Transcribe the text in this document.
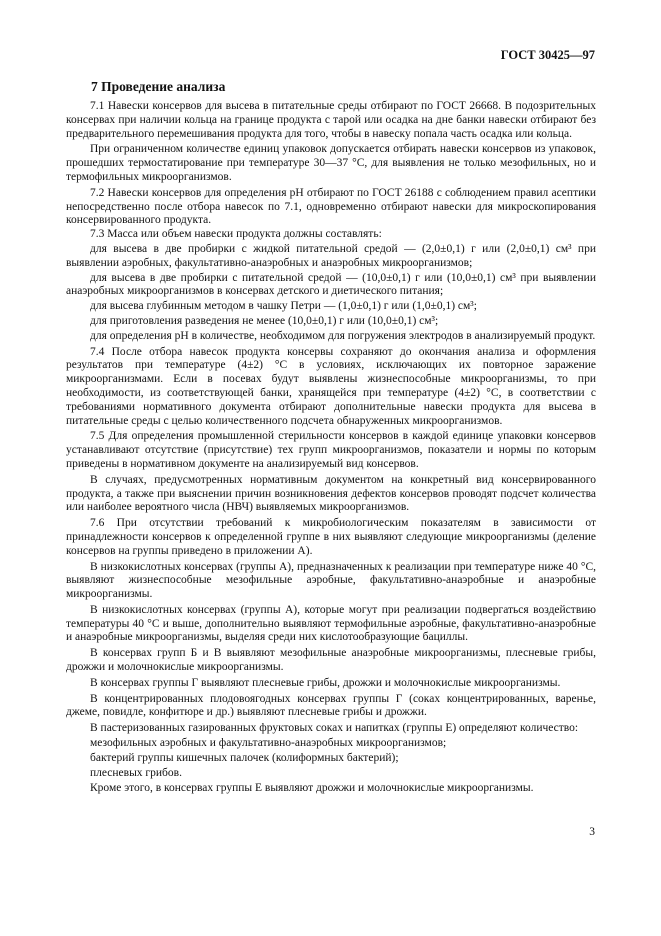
ГОСТ 30425—97
7 Проведение анализа

7.1 Навески консервов для высева в питательные среды отбирают по ГОСТ 26668. В подозрительных консервах при наличии кольца на границе продукта с тарой или осадка на дне банки навески отбирают без предварительного перемешивания продукта для того, чтобы в навеску попала часть осадка или кольца.

При ограниченном количестве единиц упаковок допускается отбирать навески консервов из упаковок, прошедших термостатирование при температуре 30—37 °С, для выявления не только мезофильных, но и термофильных микроорганизмов.

7.2 Навески консервов для определения рН отбирают по ГОСТ 26188 с соблюдением правил асептики непосредственно после отбора навесок по 7.1, одновременно отбирают навески для микроскопирования консервированного продукта.

7.3 Масса или объем навески продукта должны составлять:

для высева в две пробирки с жидкой питательной средой — (2,0±0,1) г или (2,0±0,1) см³ при выявлении аэробных, факультативно-анаэробных и анаэробных микроорганизмов;

для высева в две пробирки с питательной средой — (10,0±0,1) г или (10,0±0,1) см³ при выявлении анаэробных микроорганизмов в консервах детского и диетического питания;

для высева глубинным методом в чашку Петри — (1,0±0,1) г или (1,0±0,1) см³;

для приготовления разведения не менее (10,0±0,1) г или (10,0±0,1) см³;

для определения рН в количестве, необходимом для погружения электродов в анализируемый продукт.

7.4 После отбора навесок продукта консервы сохраняют до окончания анализа и оформления результатов при температуре (4±2) °С в условиях, исключающих их повторное заражение микроорганизмами. Если в посевах будут выявлены жизнеспособные микроорганизмы, то при необходимости, из соответствующей банки, хранящейся при температуре (4±2) °С, в соответствии с требованиями нормативного документа отбирают дополнительные навески продукта для высева в питательные среды с целью количественного подсчета обнаруженных микроорганизмов.

7.5 Для определения промышленной стерильности консервов в каждой единице упаковки консервов устанавливают отсутствие (присутствие) тех групп микроорганизмов, показатели и нормы по которым приведены в нормативном документе на анализируемый вид консервов.

В случаях, предусмотренных нормативным документом на конкретный вид консервированного продукта, а также при выяснении причин возникновения дефектов консервов проводят подсчет количества или наиболее вероятного числа (НВЧ) выявляемых микроорганизмов.

7.6 При отсутствии требований к микробиологическим показателям в зависимости от принадлежности консервов к определенной группе в них выявляют следующие микроорганизмы (деление консервов на группы приведено в приложении А).

В низкокислотных консервах (группы А), предназначенных к реализации при температуре ниже 40 °С, выявляют жизнеспособные мезофильные аэробные, факультативно-анаэробные и анаэробные микроорганизмы.

В низкокислотных консервах (группы А), которые могут при реализации подвергаться воздействию температуры 40 °С и выше, дополнительно выявляют термофильные аэробные, факультативно-анаэробные и анаэробные микроорганизмы, выделяя среди них кислотообразующие бациллы.

В консервах групп Б и В выявляют мезофильные анаэробные микроорганизмы, плесневые грибы, дрожжи и молочнокислые микроорганизмы.

В консервах группы Г выявляют плесневые грибы, дрожжи и молочнокислые микроорганизмы.

В концентрированных плодовоягодных консервах группы Г (соках концентрированных, варенье, джеме, повидле, конфитюре и др.) выявляют плесневые грибы и дрожжи.

В пастеризованных газированных фруктовых соках и напитках (группы Е) определяют количество:

мезофильных аэробных и факультативно-анаэробных микроорганизмов;

бактерий группы кишечных палочек (колиформных бактерий);

плесневых грибов.

Кроме этого, в консервах группы Е выявляют дрожжи и молочнокислые микроорганизмы.

3
